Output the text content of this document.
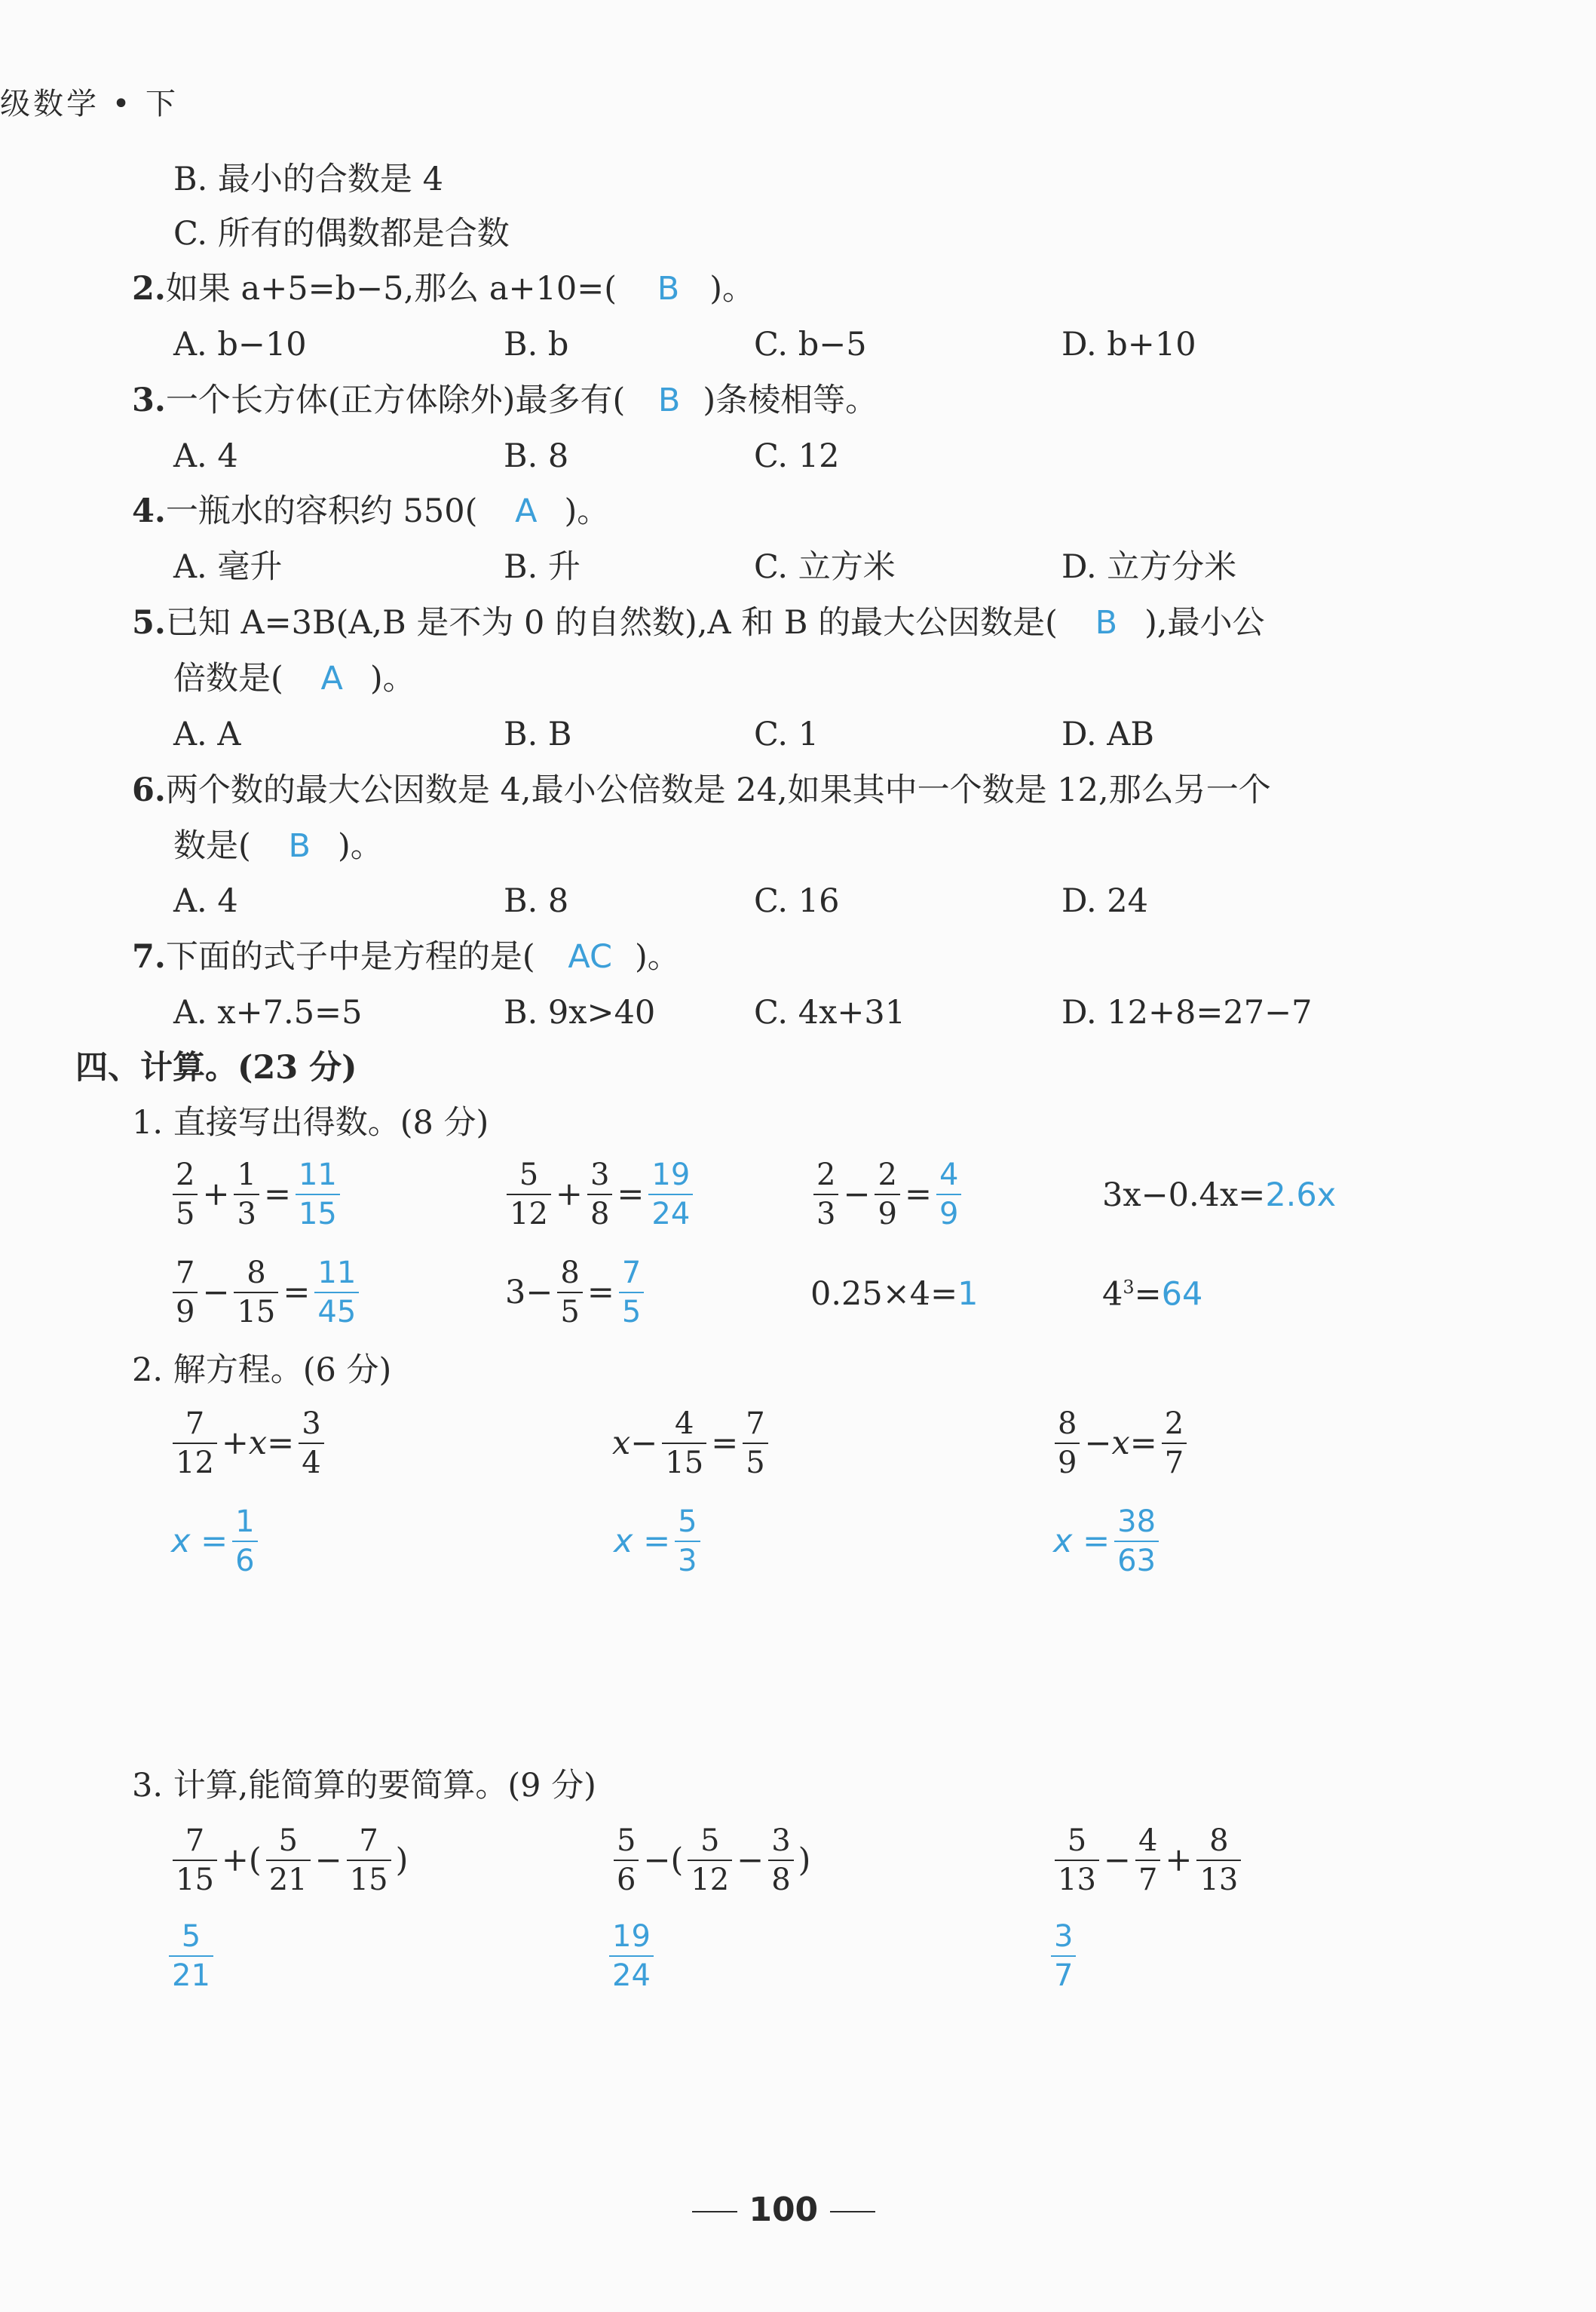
级数学 • 下
B. 最小的合数是 4
C. 所有的偶数都是合数
2.如果 a+5=b−5,那么 a+10=( B )。
A. b−10	B. b	C. b−5	D. b+10
3.一个长方体(正方体除外)最多有( B )条棱相等。
A. 4	B. 8	C. 12
4.一瓶水的容积约 550( A )。
A. 毫升	B. 升	C. 立方米	D. 立方分米
5.已知 A=3B(A,B 是不为 0 的自然数),A 和 B 的最大公因数是( B ),最小公
倍数是( A )。
A. A	B. B	C. 1	D. AB
6.两个数的最大公因数是 4,最小公倍数是 24,如果其中一个数是 12,那么另一个
数是( B )。
A. 4	B. 8	C. 16	D. 24
7.下面的式子中是方程的是( AC )。
A. x+7.5=5	B. 9x>40	C. 4x+31	D. 12+8=27−7
四、计算。(23 分)
1. 直接写出得数。(8 分)
$\frac{2}{5} + \frac{1}{3} = \frac{11}{15}$	$\frac{5}{12} + \frac{3}{8} = \frac{19}{24}$	$\frac{2}{3} - \frac{2}{9} = \frac{4}{9}$	3x−0.4x=2.6x
$\frac{7}{9} - \frac{8}{15} = \frac{11}{45}$	$3- \frac{8}{5} = \frac{7}{5}$	0.25×4=1	$4^3=64$
2. 解方程。(6 分)
$\frac{7}{12} +x= \frac{3}{4}$	$x- \frac{4}{15} = \frac{7}{5}$	$\frac{8}{9} -x= \frac{2}{7}$
$x = \frac{1}{6}$	$x = \frac{5}{3}$	$x = \frac{38}{63}$
3. 计算,能简算的要简算。(9 分)
$\frac{7}{15}$ +( $\frac{5}{21} - \frac{7}{15}$ )	$\frac{5}{6}$ −( $\frac{5}{12} - \frac{3}{8}$ )	$\frac{5}{13} - \frac{4}{7} + \frac{8}{13}$
$\frac{5}{21}$	$\frac{19}{24}$	$\frac{3}{7}$
100
